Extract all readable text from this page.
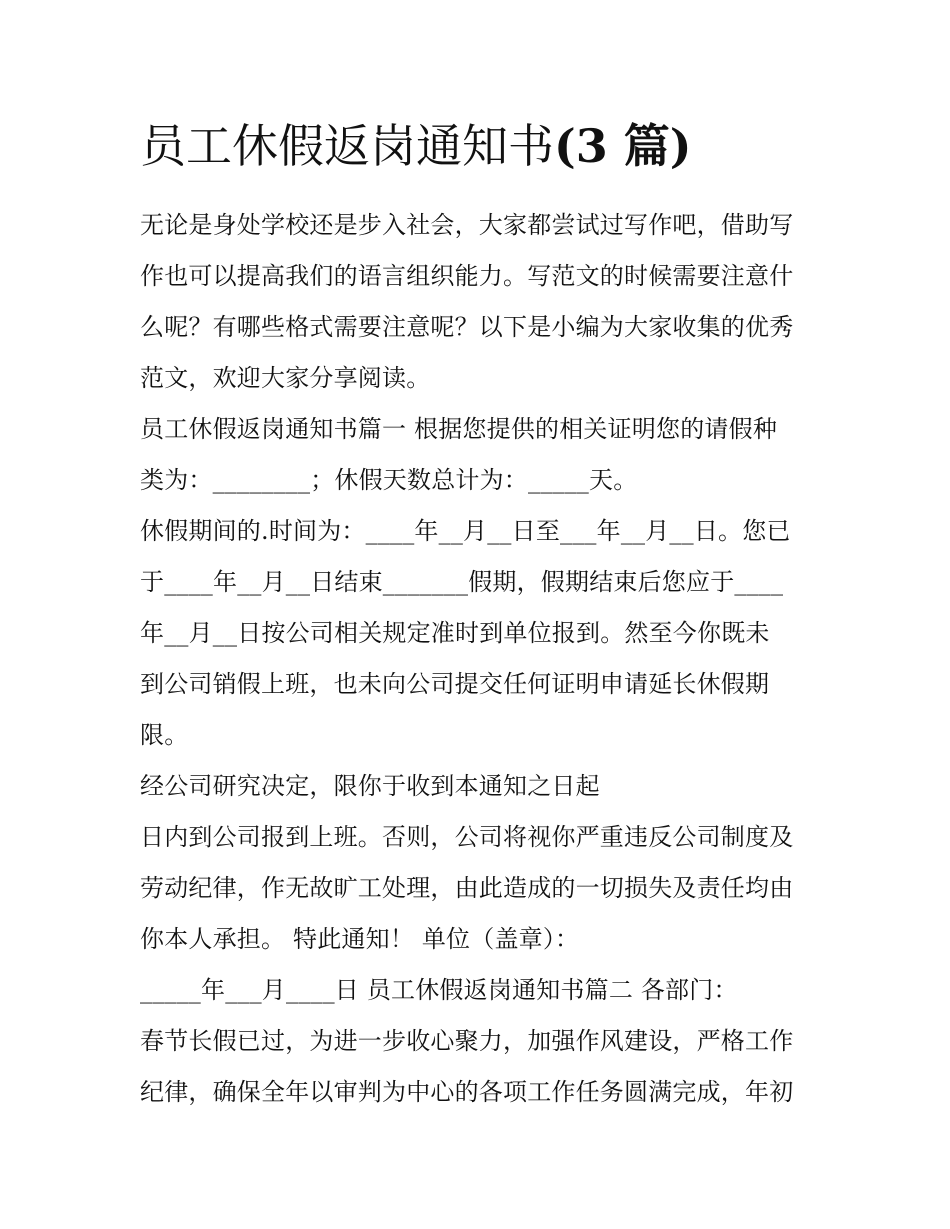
员工休假返岗通知书(3 篇)
无论是身处学校还是步入社会，大家都尝试过写作吧，借助写
作也可以提高我们的语言组织能力。写范文的时候需要注意什
么呢？有哪些格式需要注意呢？以下是小编为大家收集的优秀
范文，欢迎大家分享阅读。
员工休假返岗通知书篇一 根据您提供的相关证明您的请假种
类为：________；休假天数总计为：_____天。
休假期间的.时间为：____年__月__日至___年__月__日。您已
于____年__月__日结束_______假期，假期结束后您应于____
年__月__日按公司相关规定准时到单位报到。然至今你既未
到公司销假上班，也未向公司提交任何证明申请延长休假期
限。
经公司研究决定，限你于收到本通知之日起
日内到公司报到上班。否则，公司将视你严重违反公司制度及
劳动纪律，作无故旷工处理，由此造成的一切损失及责任均由
你本人承担。 特此通知！ 单位（盖章）：
_____年___月____日 员工休假返岗通知书篇二 各部门：
春节长假已过，为进一步收心聚力，加强作风建设，严格工作
纪律，确保全年以审判为中心的各项工作任务圆满完成，年初
